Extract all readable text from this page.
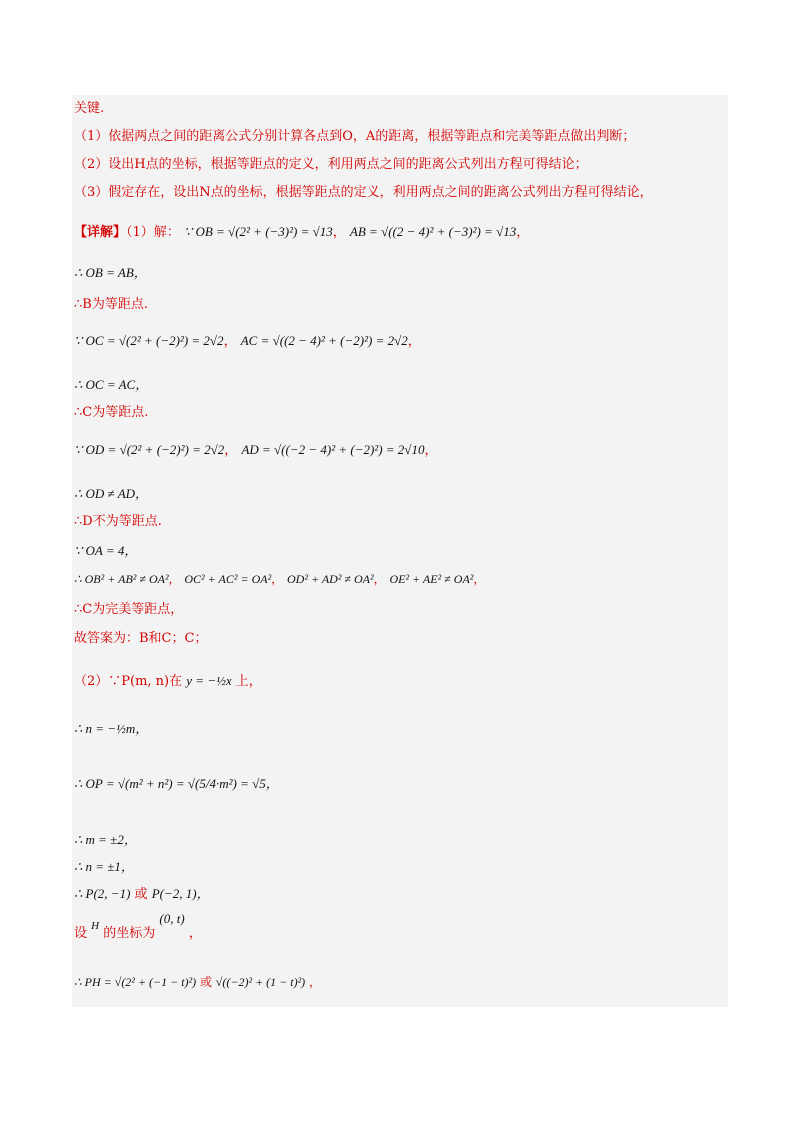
关键.
（1）依据两点之间的距离公式分别计算各点到O，A的距离，根据等距点和完美等距点做出判断；
（2）设出H点的坐标，根据等距点的定义，利用两点之间的距离公式列出方程可得结论；
（3）假定存在，设出N点的坐标，根据等距点的定义，利用两点之间的距离公式列出方程可得结论，
【详解】（1）解： ∵ OB = √(2² + (−3)²) = √13， AB = √((2 − 4)² + (−3)²) = √13，
∴ OB = AB，
∴B为等距点.
∵ OC = √(2² + (−2)²) = 2√2， AC = √((2 − 4)² + (−2)²) = 2√2，
∴ OC = AC，
∴C为等距点.
∵ OD = √(2² + (−2)²) = 2√2， AD = √((−2 − 4)² + (−2)²) = 2√10，
∴ OD ≠ AD，
∴D不为等距点.
∵ OA = 4，
∴ OB² + AB² ≠ OA²， OC² + AC² = OA²， OD² + AD² ≠ OA²， OE² + AE² ≠ OA²，
∴C为完美等距点，
故答案为：B和C；C；
（2）∵P(m, n)在 y = −½x 上，
∴ n = −½m，
∴ OP = √(m² + n²) = √(5/4·m²) = √5，
∴ m = ±2，
∴ n = ±1，
∴ P(2, −1) 或 P(−2, 1)，
设 $^H$ 的坐标为 (0, t) ，
∴ PH = √(2² + (−1 − t)²) 或 √((−2)² + (1 − t)²) ，
